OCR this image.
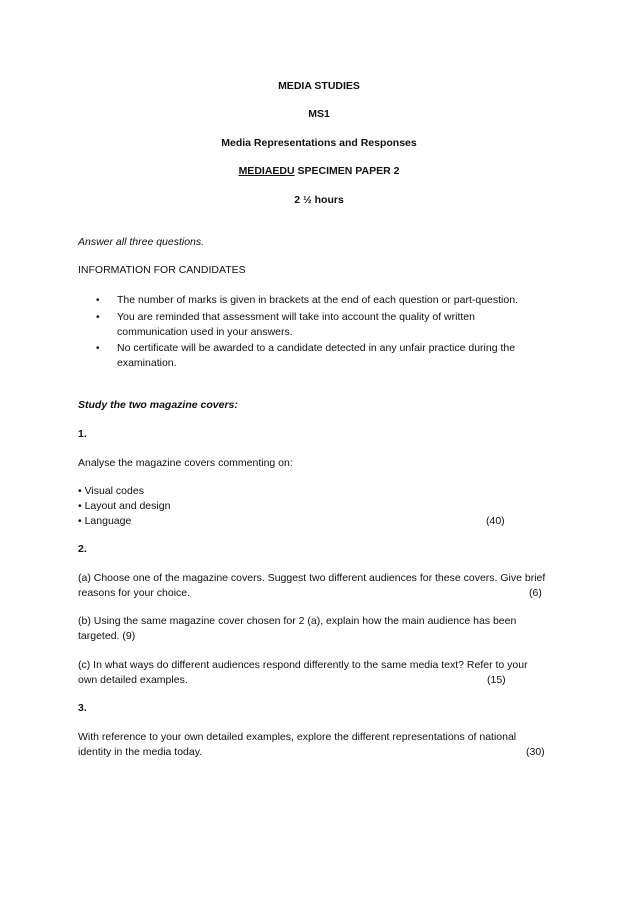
MEDIA STUDIES
MS1
Media Representations and Responses
MEDIAEDU SPECIMEN PAPER 2
2 ½ hours
Answer all three questions.
INFORMATION FOR CANDIDATES
• The number of marks is given in brackets at the end of each question or part-question.
• You are reminded that assessment will take into account the quality of written
communication used in your answers.
• No certificate will be awarded to a candidate detected in any unfair practice during the
examination.
Study the two magazine covers:
1.
Analyse the magazine covers commenting on:
• Visual codes
• Layout and design
• Language	(40)
2.
(a) Choose one of the magazine covers. Suggest two different audiences for these covers. Give brief
reasons for your choice.	(6)
(b) Using the same magazine cover chosen for 2 (a), explain how the main audience has been
targeted. (9)
(c) In what ways do different audiences respond differently to the same media text? Refer to your
own detailed examples.	(15)
3.
With reference to your own detailed examples, explore the different representations of national
identity in the media today.	(30)
